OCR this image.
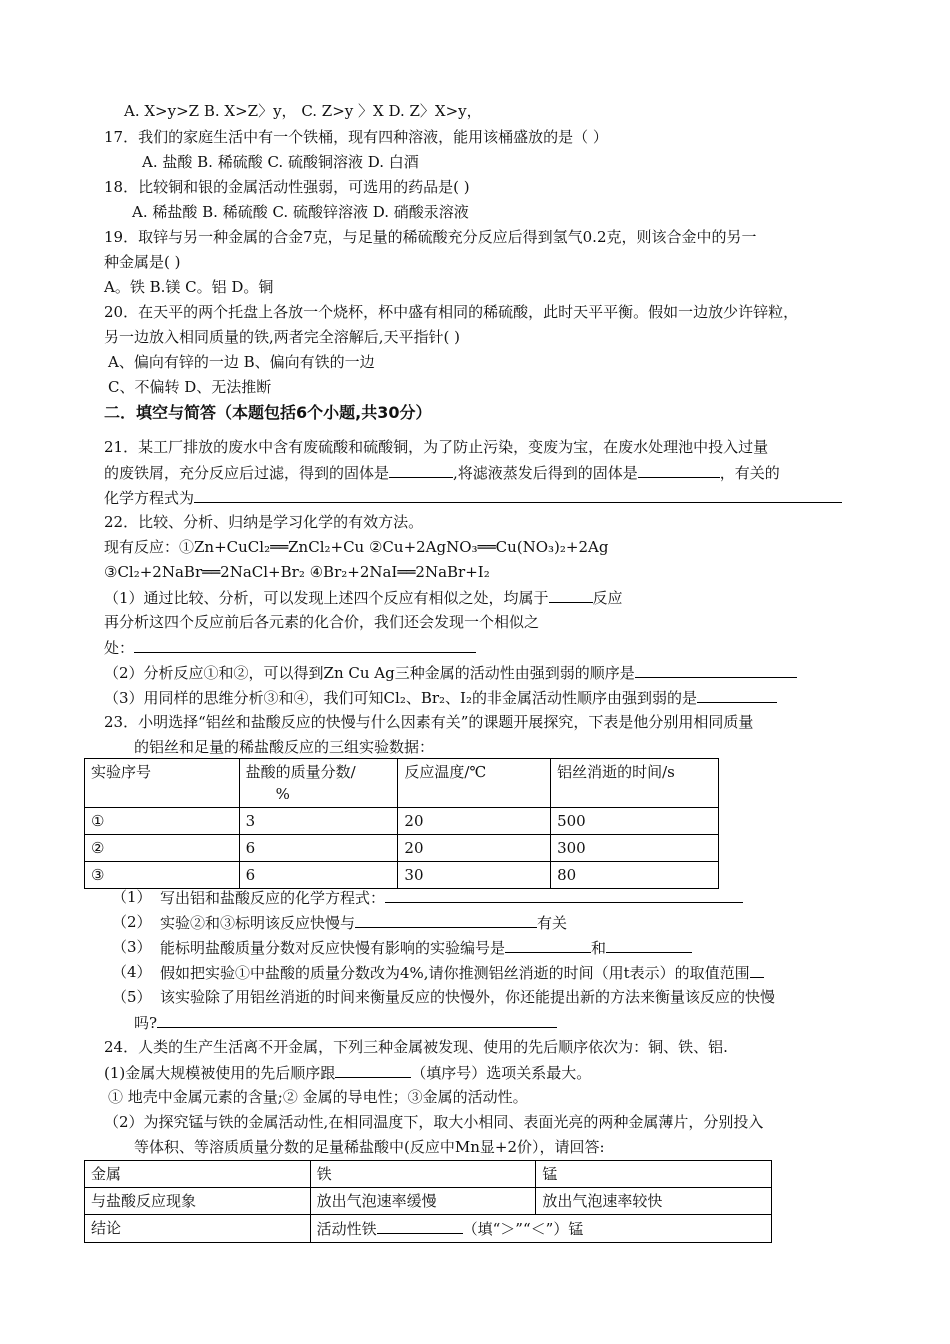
A. X>y>Z B. X>Z〉y， C. Z>y 〉X D. Z〉X>y，
17．我们的家庭生活中有一个铁桶，现有四种溶液，能用该桶盛放的是（ ）
A. 盐酸 B. 稀硫酸 C. 硫酸铜溶液 D. 白酒
18．比较铜和银的金属活动性强弱，可选用的药品是( )
A. 稀盐酸 B. 稀硫酸 C. 硫酸锌溶液 D. 硝酸汞溶液
19．取锌与另一种金属的合金7克，与足量的稀硫酸充分反应后得到氢气0.2克，则该合金中的另一
种金属是( )
A。铁 B.镁 C。铝 D。铜
20．在天平的两个托盘上各放一个烧杯，杯中盛有相同的稀硫酸，此时天平平衡。假如一边放少许锌粒，
另一边放入相同质量的铁,两者完全溶解后,天平指针( )
A、偏向有锌的一边 B、偏向有铁的一边
C、不偏转 D、无法推断
二．填空与简答（本题包括6个小题,共30分）
21．某工厂排放的废水中含有废硫酸和硫酸铜，为了防止污染，变废为宝，在废水处理池中投入过量
的废铁屑，充分反应后过滤，得到的固体是	,将滤液蒸发后得到的固体是	，有关的
化学方程式为
22．比较、分析、归纳是学习化学的有效方法。
现有反应：①Zn+CuCl₂══ZnCl₂+Cu ②Cu+2AgNO₃══Cu(NO₃)₂+2Ag
③Cl₂+2NaBr══2NaCl+Br₂ ④Br₂+2NaI══2NaBr+I₂
（1）通过比较、分析，可以发现上述四个反应有相似之处，均属于	反应
再分析这四个反应前后各元素的化合价，我们还会发现一个相似之
处：
（2）分析反应①和②，可以得到Zn Cu Ag三种金属的活动性由强到弱的顺序是
（3）用同样的思维分析③和④，我们可知Cl₂、Br₂、I₂的非金属活动性顺序由强到弱的是
23．小明选择“铝丝和盐酸反应的快慢与什么因素有关”的课题开展探究，下表是他分别用相同质量
的铝丝和足量的稀盐酸反应的三组实验数据：
实验序号	盐酸的质量分数/
%	反应温度/℃	铝丝消逝的时间/s
①	3	20	500
②	6	20	300
③	6	30	80
（1） 写出铝和盐酸反应的化学方程式：
（2） 实验②和③标明该反应快慢与	有关
（3） 能标明盐酸质量分数对反应快慢有影响的实验编号是	和
（4） 假如把实验①中盐酸的质量分数改为4%,请你推测铝丝消逝的时间（用t表示）的取值范围
（5） 该实验除了用铝丝消逝的时间来衡量反应的快慢外，你还能提出新的方法来衡量该反应的快慢
吗?
24．人类的生产生活离不开金属，下列三种金属被发现、使用的先后顺序依次为：铜、铁、铝.
(1)金属大规模被使用的先后顺序跟	（填序号）选项关系最大。
① 地壳中金属元素的含量;② 金属的导电性；③金属的活动性。
（2）为探究锰与铁的金属活动性,在相同温度下，取大小相同、表面光亮的两种金属薄片，分别投入
等体积、等溶质质量分数的足量稀盐酸中(反应中Mn显+2价），请回答:
金属	铁	锰
与盐酸反应现象	放出气泡速率缓慢	放出气泡速率较快
结论	活动性铁 （填“＞”“＜”）锰	
